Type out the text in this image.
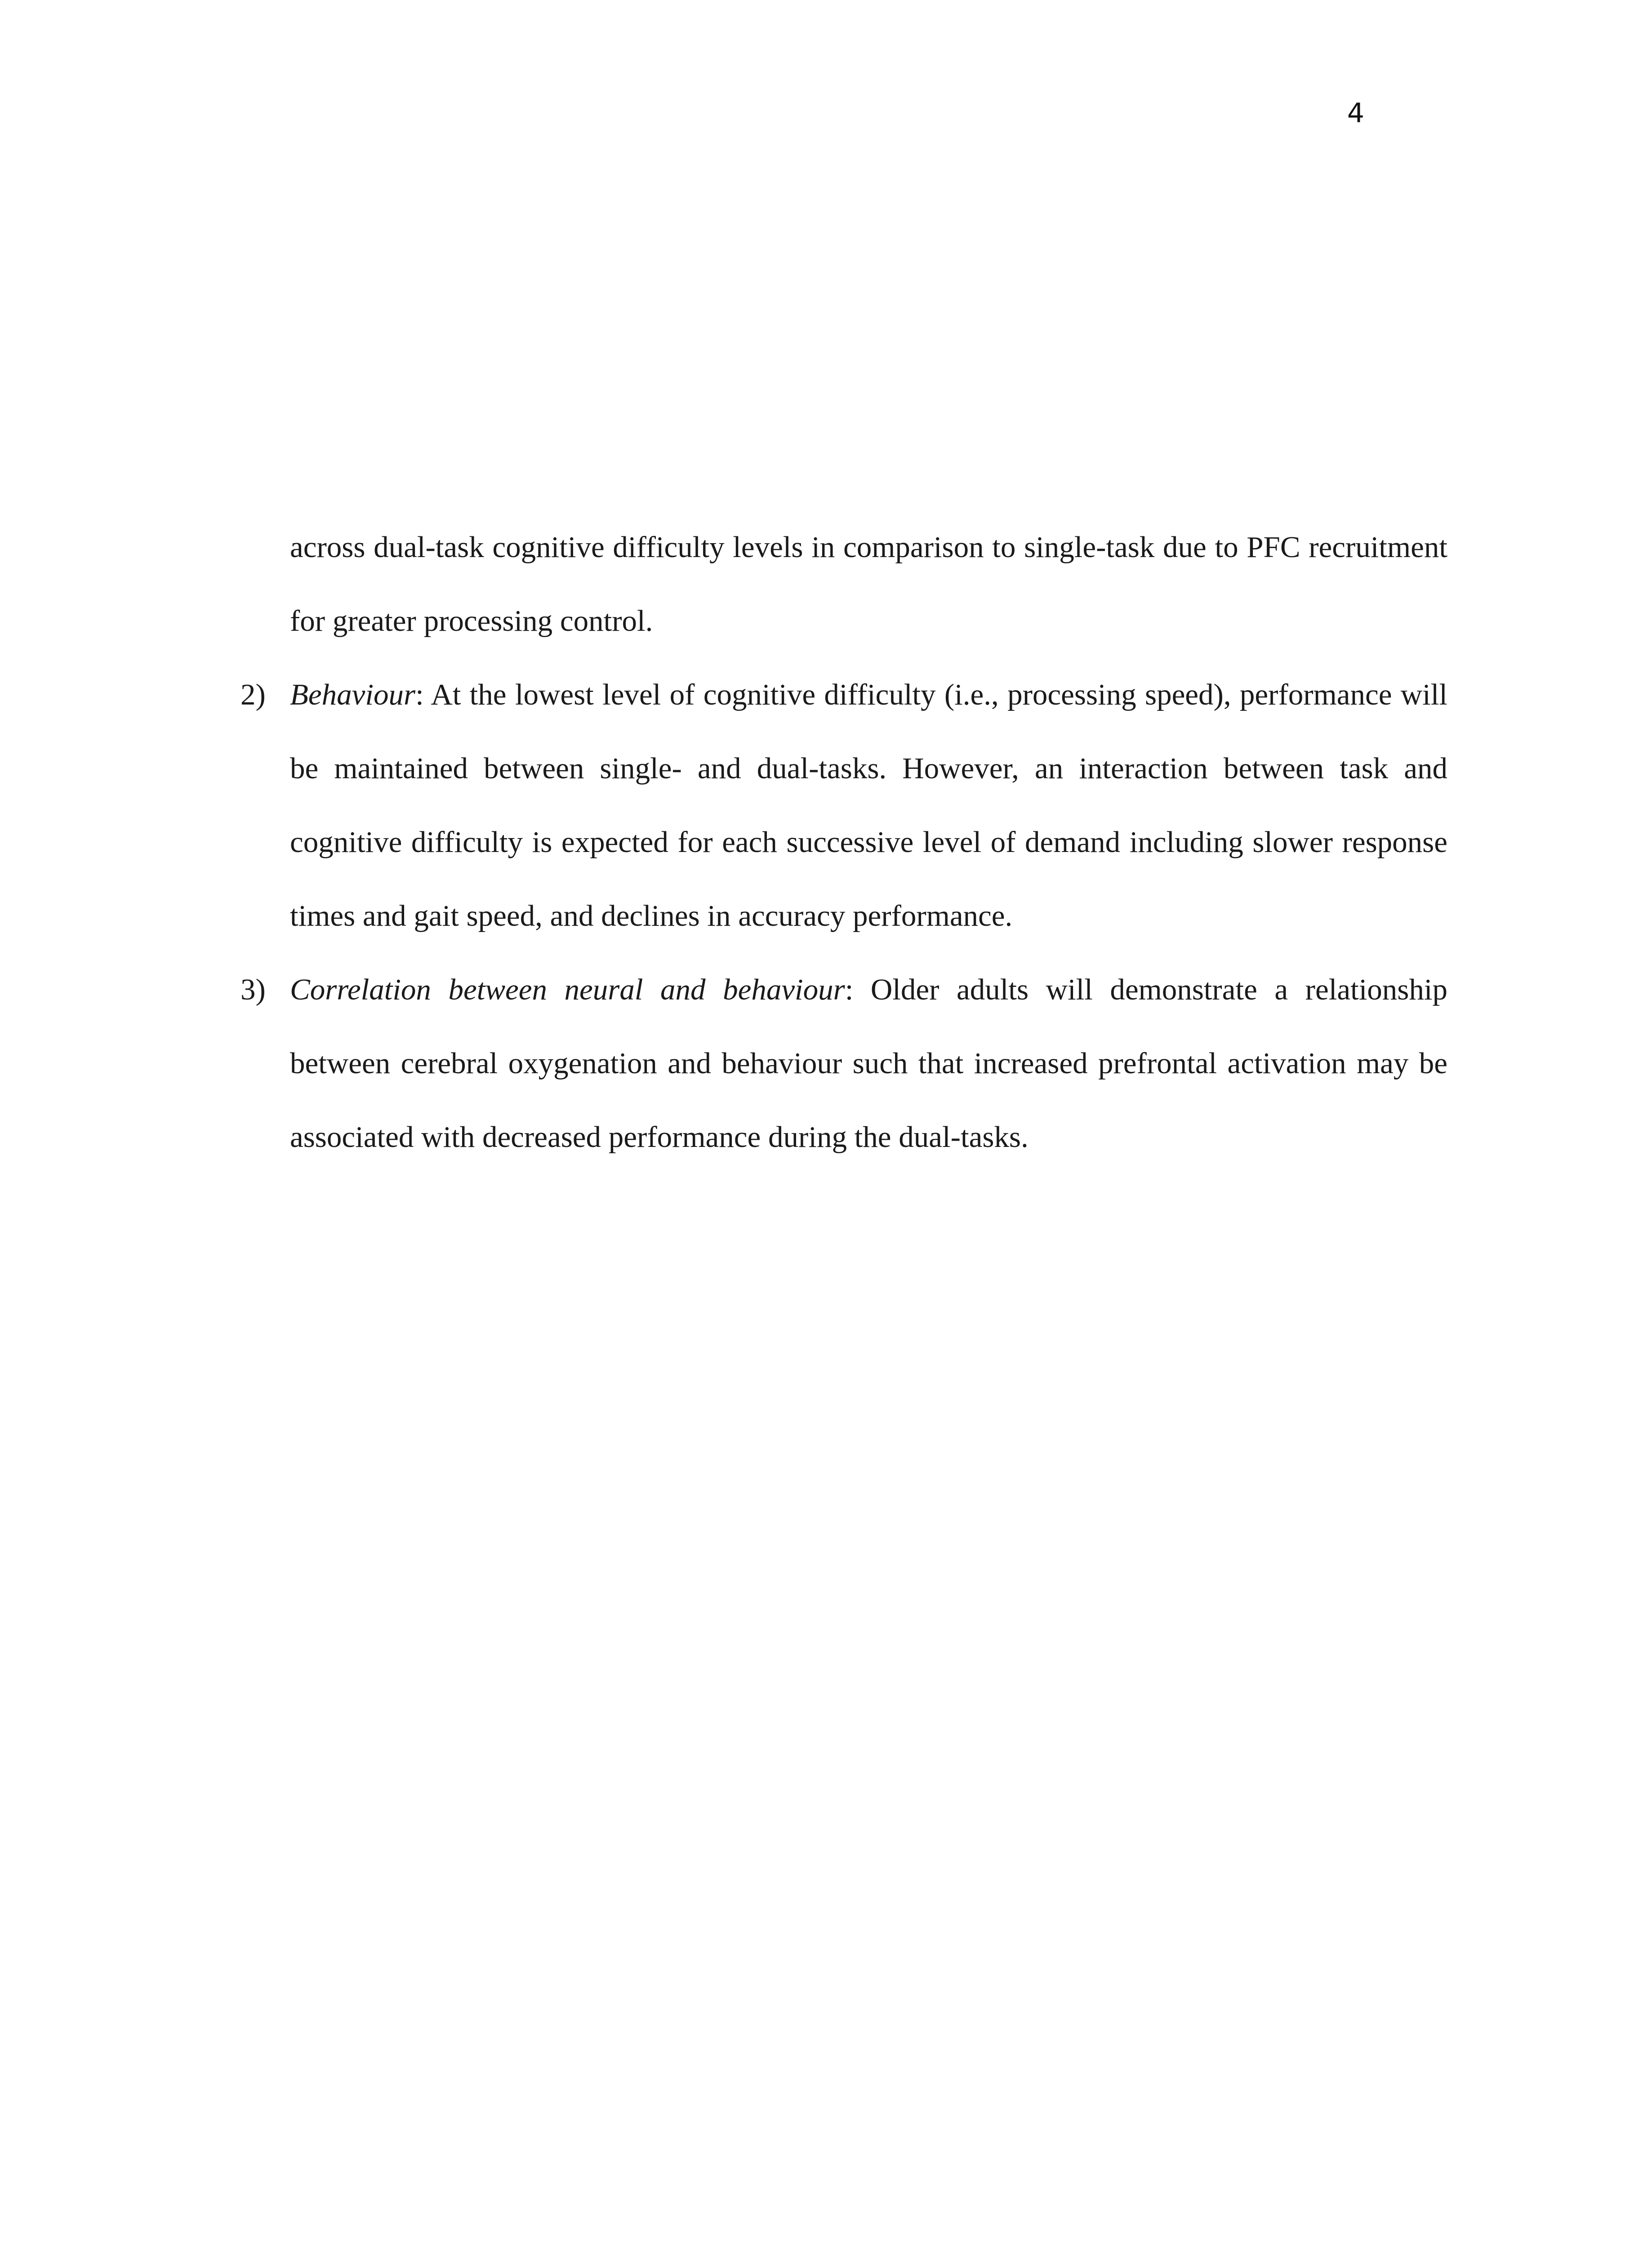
4

across dual-task cognitive difficulty levels in comparison to single-task due to PFC recruitment for greater processing control.

2) Behaviour: At the lowest level of cognitive difficulty (i.e., processing speed), performance will be maintained between single- and dual-tasks. However, an interaction between task and cognitive difficulty is expected for each successive level of demand including slower response times and gait speed, and declines in accuracy performance.

3) Correlation between neural and behaviour: Older adults will demonstrate a relationship between cerebral oxygenation and behaviour such that increased prefrontal activation may be associated with decreased performance during the dual-tasks.
